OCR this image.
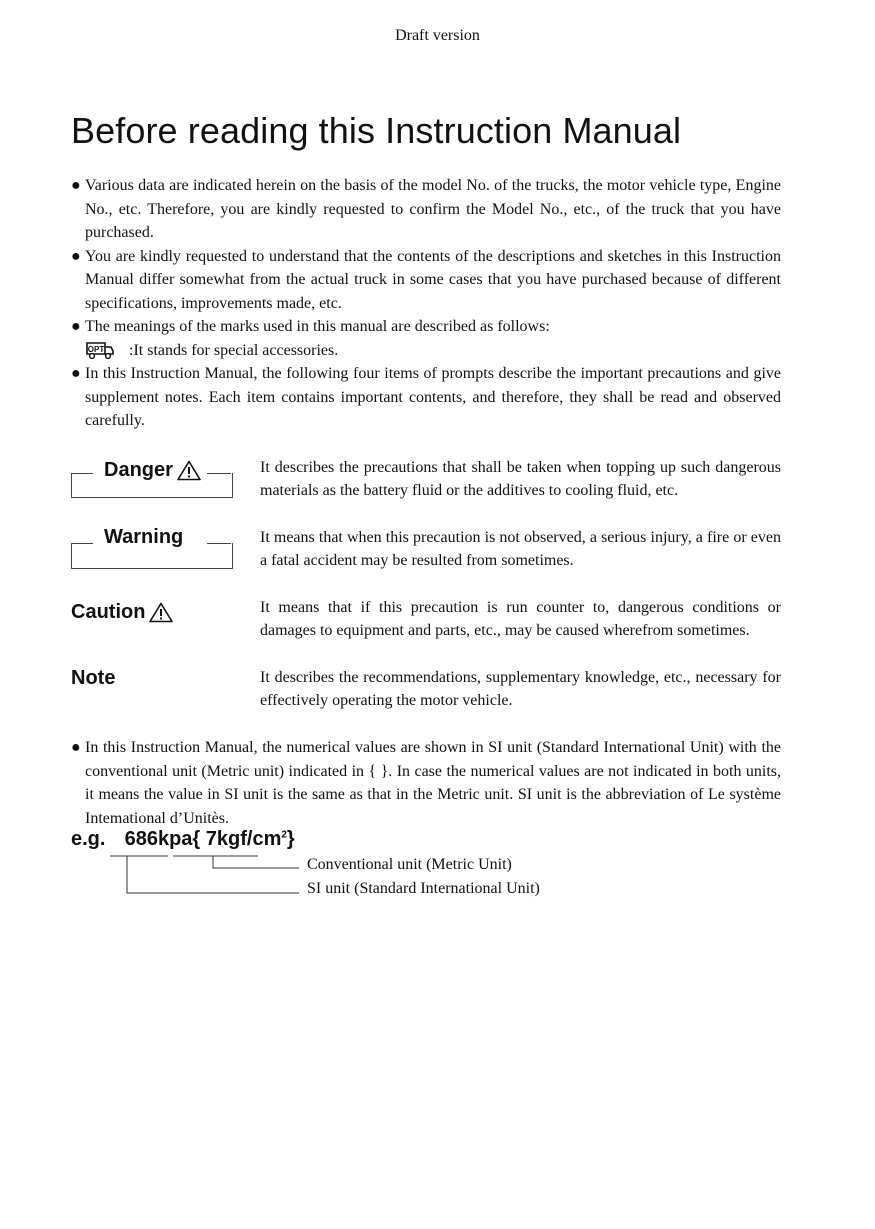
Draft version
Before reading this Instruction Manual
● Various data are indicated herein on the basis of the model No. of the trucks, the motor vehicle type, Engine No., etc. Therefore, you are kindly requested to confirm the Model No., etc., of the truck that you have purchased.

● You are kindly requested to understand that the contents of the descriptions and sketches in this Instruction Manual differ somewhat from the actual truck in some cases that you have purchased because of different specifications, improvements made, etc.

● The meanings of the marks used in this manual are described as follows:

OPT :It stands for special accessories.
● In this Instruction Manual, the following four items of prompts describe the important precautions and give supplement notes. Each item contains important contents, and therefore, they shall be read and observed carefully.

Danger	It describes the precautions that shall be taken when topping up such dangerous materials as the battery fluid or the additives to cooling fluid, etc.
Warning	It means that when this precaution is not observed, a serious injury, a fire or even a fatal accident may be resulted from sometimes.
Caution	It means that if this precaution is run counter to, dangerous conditions or damages to equipment and parts, etc., may be caused wherefrom sometimes.
Note	It describes the recommendations, supplementary knowledge, etc., necessary for effectively operating the motor vehicle.
● In this Instruction Manual, the numerical values are shown in SI unit (Standard International Unit) with the conventional unit (Metric unit) indicated in { }. In case the numerical values are not indicated in both units, it means the value in SI unit is the same as that in the Metric unit. SI unit is the abbreviation of Le système Intemational d’Unitès.

e.g. 686kpa{ $7kgf/cm^2$}
Conventional unit (Metric Unit)
SI unit (Standard International Unit)
